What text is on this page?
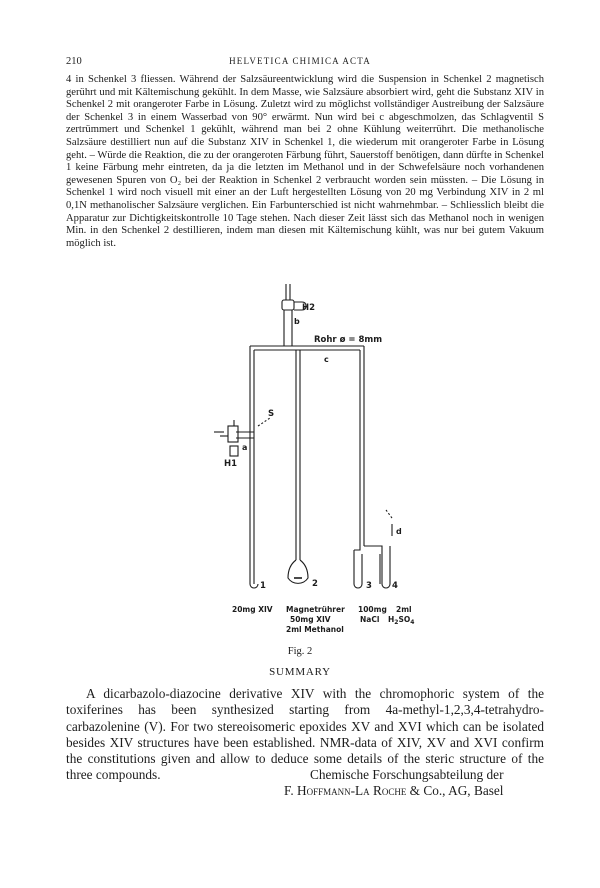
210	HELVETICA CHIMICA ACTA

4 in Schenkel 3 fliessen. Während der Salzsäureentwicklung wird die Suspension in Schenkel 2 magnetisch gerührt und mit Kältemischung gekühlt. In dem Masse, wie Salzsäure absorbiert wird, geht die Substanz XIV in Schenkel 2 mit orangeroter Farbe in Lösung. Zuletzt wird zu möglichst vollständiger Austreibung der Salzsäure der Schenkel 3 in einem Wasserbad von 90° erwärmt. Nun wird bei c abgeschmolzen, das Schlagventil S zertrümmert und Schenkel 1 gekühlt, während man bei 2 ohne Kühlung weiterrührt. Die methanolische Salzsäure destilliert nun auf die Substanz XIV in Schenkel 1, die wiederum mit orangeroter Farbe in Lösung geht. – Würde die Reaktion, die zu der orangeroten Färbung führt, Sauerstoff benötigen, dann dürfte in Schenkel 1 keine Färbung mehr eintreten, da ja die letzten im Methanol und in der Schwefelsäure noch vorhandenen gewesenen Spuren von O₂ bei der Reaktion in Schenkel 2 verbraucht worden sein müssten. – Die Lösung in Schenkel 1 wird noch visuell mit einer an der Luft hergestellten Lösung von 20 mg Verbindung XIV in 2 ml 0,1N methanolischer Salzsäure verglichen. Ein Farbunterschied ist nicht wahrnehmbar. – Schliesslich bleibt die Apparatur zur Dichtigkeitskontrolle 10 Tage stehen. Nach dieser Zeit lässt sich das Methanol noch in wenigen Min. in den Schenkel 2 destillieren, indem man diesen mit Kältemischung kühlt, was nur bei gutem Vakuum möglich ist.

H2
b
Rohr ø = 8mm
c
S
a
H1
d
1	2	3 4
20mg XIV Magnetrührer
50mg XIV
2ml Methanol
100mg
NaCl
2ml
$H_2SO_4$
Fig. 2
SUMMARY

A dicarbazolo-diazocine derivative XIV with the chromophoric system of the toxiferines has been synthesized starting from 4a-methyl-1,2,3,4-tetrahydro-carbazolenine (V). For two stereoisomeric epoxides XV and XVI which can be isolated besides XIV structures have been established. NMR-data of XIV, XV and XVI confirm the constitutions given and allow to deduce some details of the steric structure of the three compounds.	Chemische Forschungsabteilung der
F. Hoffmann-La Roche & Co., AG, Basel
